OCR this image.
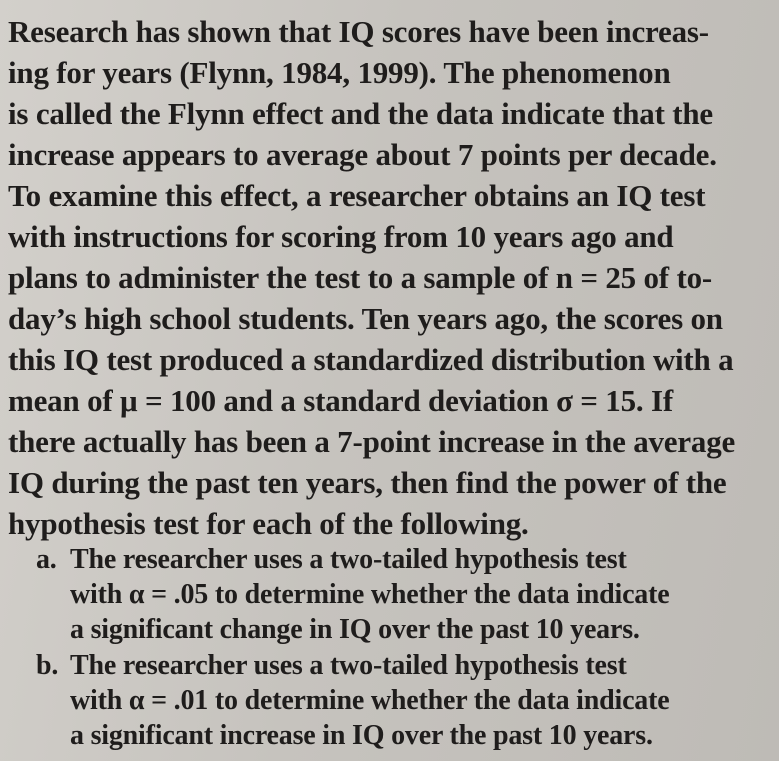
Research has shown that IQ scores have been increas-
ing for years (Flynn, 1984, 1999). The phenomenon
is called the Flynn effect and the data indicate that the
increase appears to average about 7 points per decade.
To examine this effect, a researcher obtains an IQ test
with instructions for scoring from 10 years ago and
plans to administer the test to a sample of n = 25 of to-
day’s high school students. Ten years ago, the scores on
this IQ test produced a standardized distribution with a
mean of μ = 100 and a standard deviation σ = 15. If
there actually has been a 7-point increase in the average
IQ during the past ten years, then find the power of the
hypothesis test for each of the following.
a. The researcher uses a two-tailed hypothesis test
with α = .05 to determine whether the data indicate
a significant change in IQ over the past 10 years.
b. The researcher uses a two-tailed hypothesis test
with α = .01 to determine whether the data indicate
a significant increase in IQ over the past 10 years.
